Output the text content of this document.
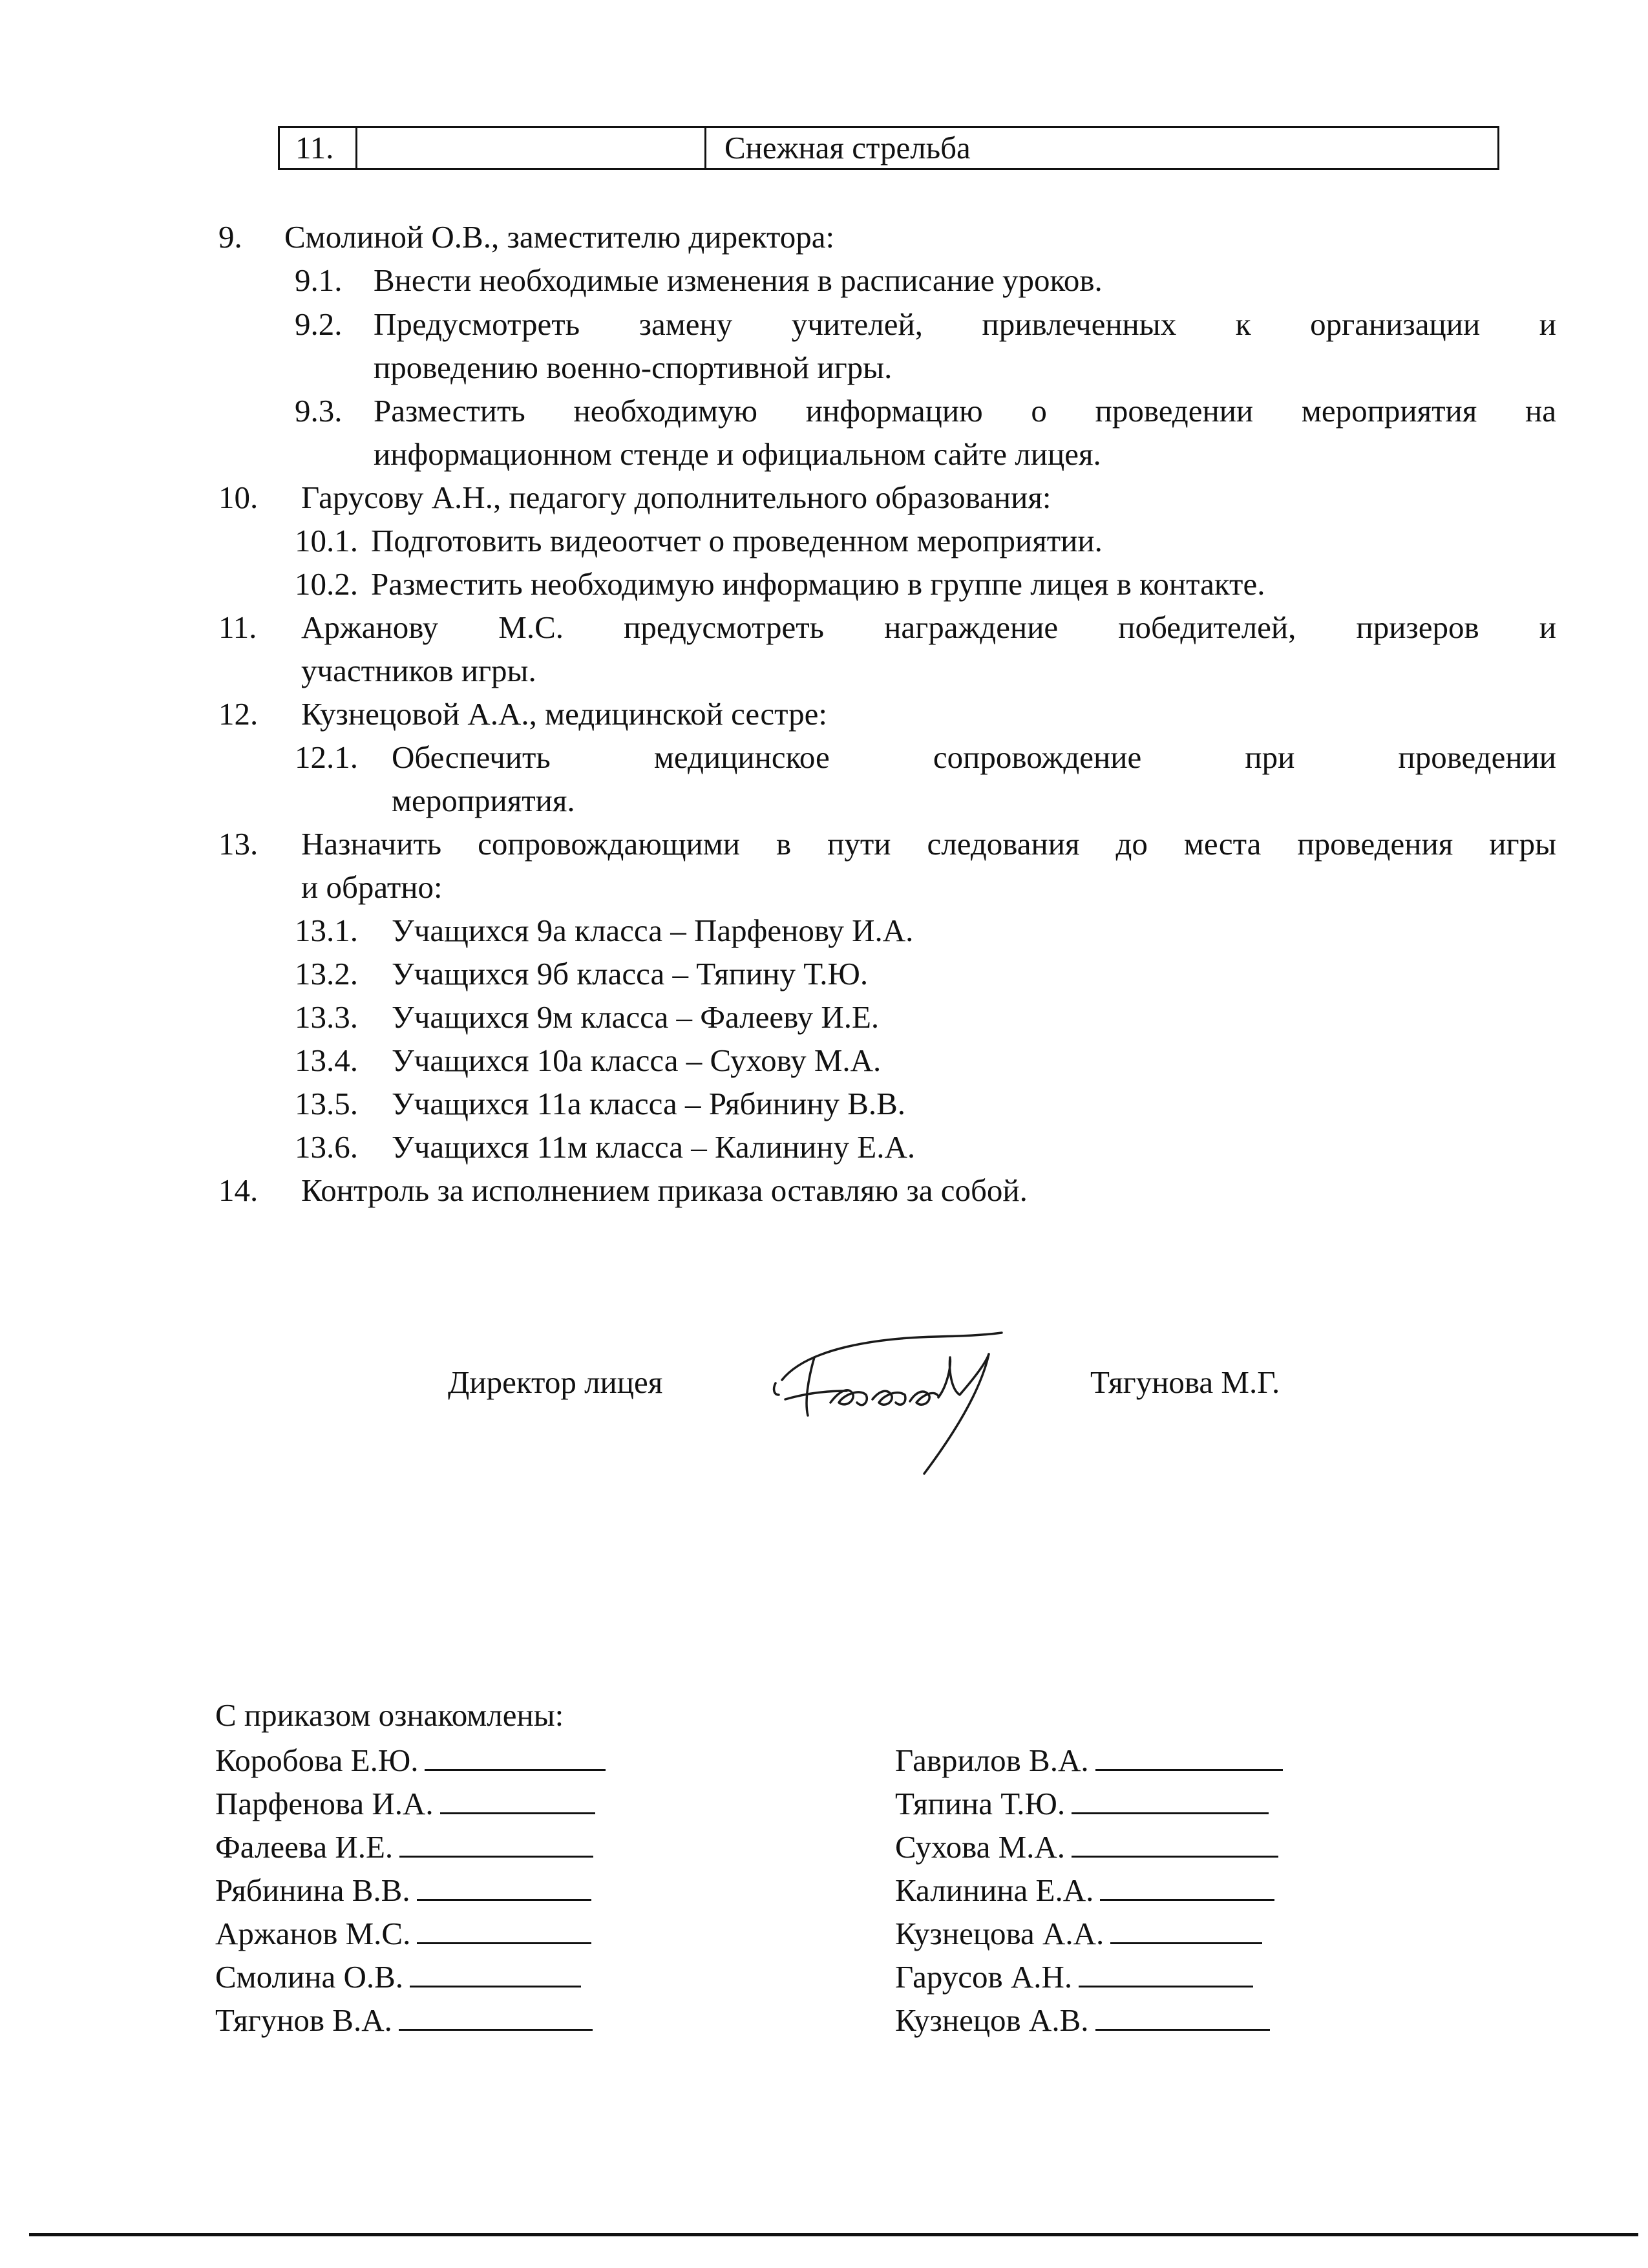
11.	Снежная стрельба
9. Смолиной О.В., заместителю директора:
9.1. Внести необходимые изменения в расписание уроков.
9.2. Предусмотреть замену учителей, привлеченных к организации и
проведению военно-спортивной игры.
9.3. Разместить необходимую информацию о проведении мероприятия на
информационном стенде и официальном сайте лицея.
10. Гарусову А.Н., педагогу дополнительного образования:
10.1. Подготовить видеоотчет о проведенном мероприятии.
10.2. Разместить необходимую информацию в группе лицея в контакте.
11. Аржанову М.С. предусмотреть награждение победителей, призеров и
участников игры.
12. Кузнецовой А.А., медицинской сестре:
12.1. Обеспечить медицинское сопровождение при проведении
мероприятия.
13. Назначить сопровождающими в пути следования до места проведения игры
и обратно:
13.1. Учащихся 9а класса – Парфенову И.А.
13.2. Учащихся 9б класса – Тяпину Т.Ю.
13.3. Учащихся 9м класса – Фалееву И.Е.
13.4. Учащихся 10а класса – Сухову М.А.
13.5. Учащихся 11а класса – Рябинину В.В.
13.6. Учащихся 11м класса – Калинину Е.А.
14. Контроль за исполнением приказа оставляю за собой.
Директор лицея	Тягунова М.Г.
С приказом ознакомлены:
Коробова Е.Ю.
Парфенова И.А.
Фалеева И.Е.
Рябинина В.В.
Аржанов М.С.
Смолина О.В.
Тягунов В.А.
Гаврилов В.А.
Тяпина Т.Ю.
Сухова М.А.
Калинина Е.А.
Кузнецова А.А.
Гарусов А.Н.
Кузнецов А.В.
